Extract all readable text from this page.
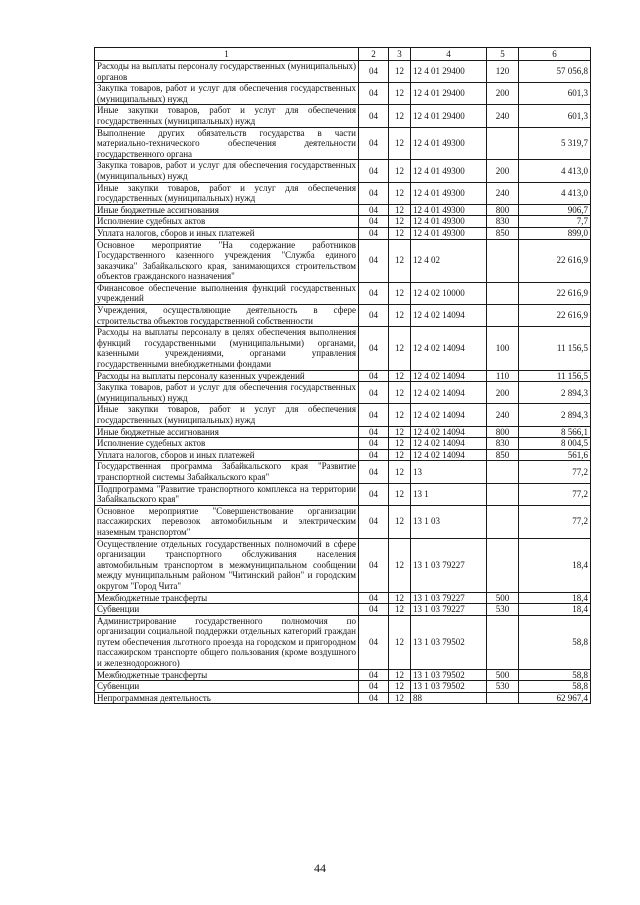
1	2	3	4	5	6
Расходы на выплаты персоналу государственных (муниципальных) органов	04	12	12 4 01 29400	120	57 056,8
Закупка товаров, работ и услуг для обеспечения государственных (муниципальных) нужд	04	12	12 4 01 29400	200	601,3
Иные закупки товаров, работ и услуг для обеспечения государственных (муниципальных) нужд	04	12	12 4 01 29400	240	601,3
Выполнение других обязательств государства в части материально-технического обеспечения деятельности государственного органа	04	12	12 4 01 49300		5 319,7
Закупка товаров, работ и услуг для обеспечения государственных (муниципальных) нужд	04	12	12 4 01 49300	200	4 413,0
Иные закупки товаров, работ и услуг для обеспечения государственных (муниципальных) нужд	04	12	12 4 01 49300	240	4 413,0
Иные бюджетные ассигнования	04	12	12 4 01 49300	800	906,7
Исполнение судебных актов	04	12	12 4 01 49300	830	7,7
Уплата налогов, сборов и иных платежей	04	12	12 4 01 49300	850	899,0
Основное мероприятие "На содержание работников Государственного казенного учреждения "Служба единого заказчика" Забайкальского края, занимающихся строительством объектов гражданского назначения"	04	12	12 4 02		22 616,9
Финансовое обеспечение выполнения функций государственных учреждений	04	12	12 4 02 10000		22 616,9
Учреждения, осуществляющие деятельность в сфере строительства объектов государственной собственности	04	12	12 4 02 14094		22 616,9
Расходы на выплаты персоналу в целях обеспечения выполнения функций государственными (муниципальными) органами, казенными учреждениями, органами управления государственными внебюджетными фондами	04	12	12 4 02 14094	100	11 156,5
Расходы на выплаты персоналу казенных учреждений	04	12	12 4 02 14094	110	11 156,5
Закупка товаров, работ и услуг для обеспечения государственных (муниципальных) нужд	04	12	12 4 02 14094	200	2 894,3
Иные закупки товаров, работ и услуг для обеспечения государственных (муниципальных) нужд	04	12	12 4 02 14094	240	2 894,3
Иные бюджетные ассигнования	04	12	12 4 02 14094	800	8 566,1
Исполнение судебных актов	04	12	12 4 02 14094	830	8 004,5
Уплата налогов, сборов и иных платежей	04	12	12 4 02 14094	850	561,6
Государственная программа Забайкальского края "Развитие транспортной системы Забайкальского края"	04	12	13		77,2
Подпрограмма "Развитие транспортного комплекса на территории Забайкальского края"	04	12	13 1		77,2
Основное мероприятие "Совершенствование организации пассажирских перевозок автомобильным и электрическим наземным транспортом"	04	12	13 1 03		77,2
Осуществление отдельных государственных полномочий в сфере организации транспортного обслуживания населения автомобильным транспортом в межмуниципальном сообщении между муниципальным районом "Читинский район" и городским округом "Город Чита"	04	12	13 1 03 79227		18,4
Межбюджетные трансферты	04	12	13 1 03 79227	500	18,4
Субвенции	04	12	13 1 03 79227	530	18,4
Администрирование государственного полномочия по организации социальной поддержки отдельных категорий граждан путем обеспечения льготного проезда на городском и пригородном пассажирском транспорте общего пользования (кроме воздушного и железнодорожного)	04	12	13 1 03 79502		58,8
Межбюджетные трансферты	04	12	13 1 03 79502	500	58,8
Субвенции	04	12	13 1 03 79502	530	58,8
Непрограммная деятельность	04	12	88		62 967,4
44
